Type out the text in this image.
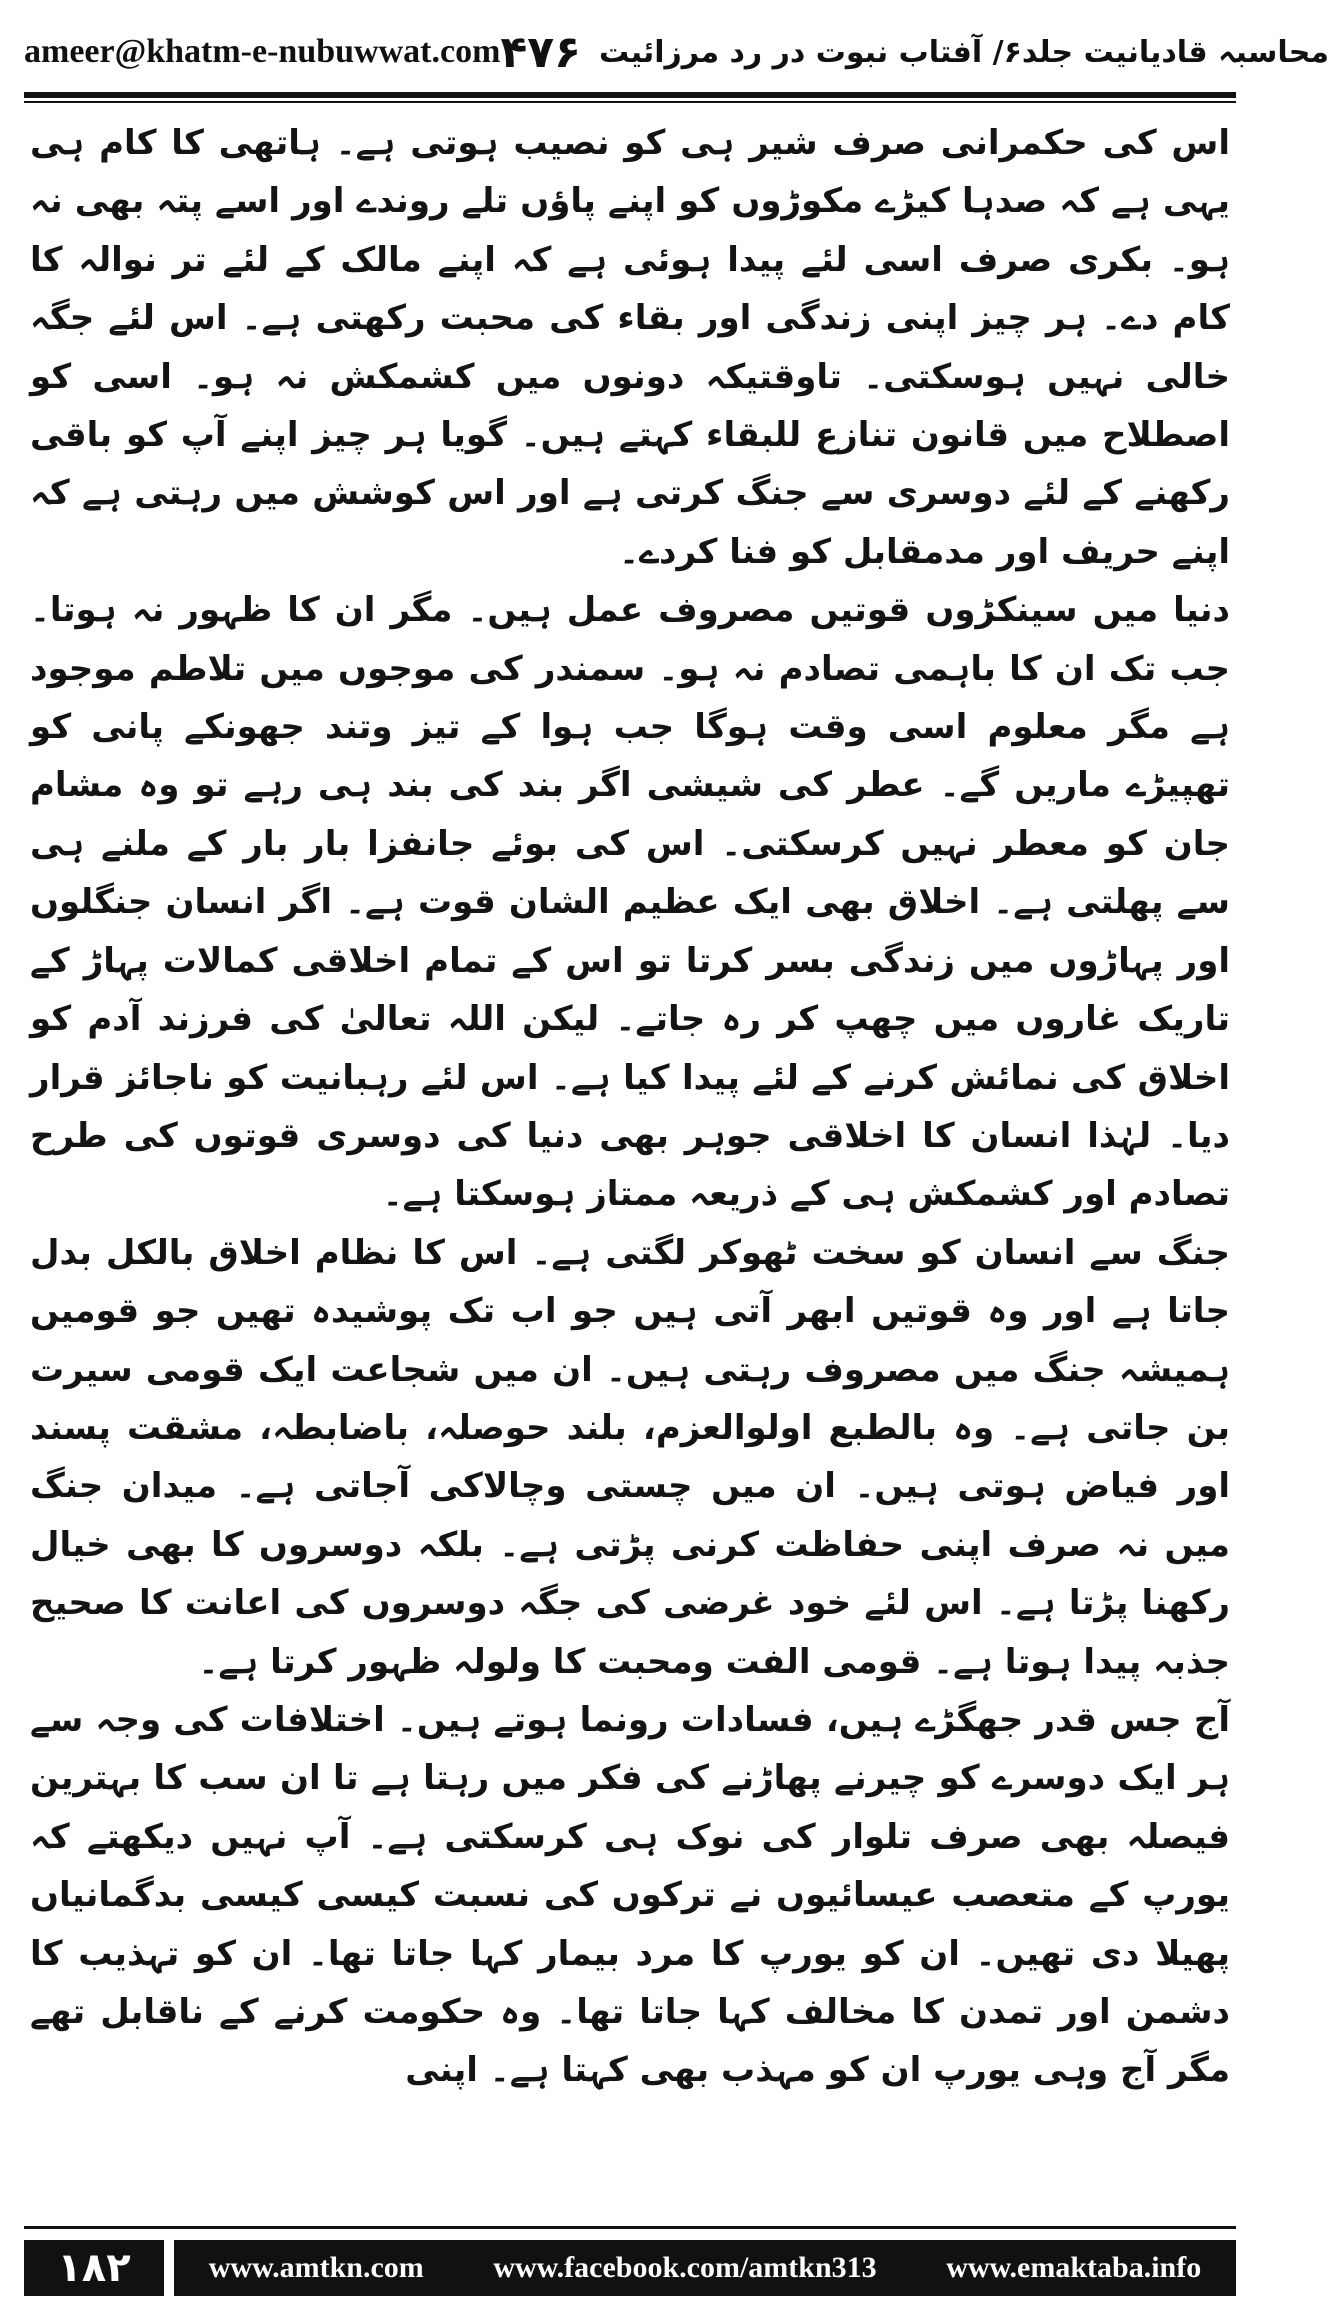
ameer@khatm-e-nubuwwat.com	محاسبہ قادیانیت جلد۶/ آفتاب نبوت در رد مرزائیت
۴۷۶

اس کی حکمرانی صرف شیر ہی کو نصیب ہوتی ہے۔ ہاتھی کا کام ہی یہی ہے کہ صدہا کیڑے مکوڑوں کو اپنے پاؤں تلے روندے اور اسے پتہ بھی نہ ہو۔ بکری صرف اسی لئے پیدا ہوئی ہے کہ اپنے مالک کے لئے تر نوالہ کا کام دے۔ ہر چیز اپنی زندگی اور بقاء کی محبت رکھتی ہے۔ اس لئے جگہ خالی نہیں ہوسکتی۔ تاوقتیکہ دونوں میں کشمکش نہ ہو۔ اسی کو اصطلاح میں قانون تنازع للبقاء کہتے ہیں۔ گویا ہر چیز اپنے آپ کو باقی رکھنے کے لئے دوسری سے جنگ کرتی ہے اور اس کوشش میں رہتی ہے کہ اپنے حریف اور مدمقابل کو فنا کردے۔

دنیا میں سینکڑوں قوتیں مصروف عمل ہیں۔ مگر ان کا ظہور نہ ہوتا۔ جب تک ان کا باہمی تصادم نہ ہو۔ سمندر کی موجوں میں تلاطم موجود ہے مگر معلوم اسی وقت ہوگا جب ہوا کے تیز وتند جھونکے پانی کو تھپیڑے ماریں گے۔ عطر کی شیشی اگر بند کی بند ہی رہے تو وہ مشام جان کو معطر نہیں کرسکتی۔ اس کی بوئے جانفزا بار بار کے ملنے ہی سے پھلتی ہے۔ اخلاق بھی ایک عظیم الشان قوت ہے۔ اگر انسان جنگلوں اور پہاڑوں میں زندگی بسر کرتا تو اس کے تمام اخلاقی کمالات پہاڑ کے تاریک غاروں میں چھپ کر رہ جاتے۔ لیکن اللہ تعالیٰ کی فرزند آدم کو اخلاق کی نمائش کرنے کے لئے پیدا کیا ہے۔ اس لئے رہبانیت کو ناجائز قرار دیا۔ لہٰذا انسان کا اخلاقی جوہر بھی دنیا کی دوسری قوتوں کی طرح تصادم اور کشمکش ہی کے ذریعہ ممتاز ہوسکتا ہے۔

جنگ سے انسان کو سخت ٹھوکر لگتی ہے۔ اس کا نظام اخلاق بالکل بدل جاتا ہے اور وہ قوتیں ابھر آتی ہیں جو اب تک پوشیدہ تھیں جو قومیں ہمیشہ جنگ میں مصروف رہتی ہیں۔ ان میں شجاعت ایک قومی سیرت بن جاتی ہے۔ وہ بالطبع اولوالعزم، بلند حوصلہ، باضابطہ، مشقت پسند اور فیاض ہوتی ہیں۔ ان میں چستی وچالاکی آجاتی ہے۔ میدان جنگ میں نہ صرف اپنی حفاظت کرنی پڑتی ہے۔ بلکہ دوسروں کا بھی خیال رکھنا پڑتا ہے۔ اس لئے خود غرضی کی جگہ دوسروں کی اعانت کا صحیح جذبہ پیدا ہوتا ہے۔ قومی الفت ومحبت کا ولولہ ظہور کرتا ہے۔

آج جس قدر جھگڑے ہیں، فسادات رونما ہوتے ہیں۔ اختلافات کی وجہ سے ہر ایک دوسرے کو چیرنے پھاڑنے کی فکر میں رہتا ہے تا ان سب کا بہترین فیصلہ بھی صرف تلوار کی نوک ہی کرسکتی ہے۔ آپ نہیں دیکھتے کہ یورپ کے متعصب عیسائیوں نے ترکوں کی نسبت کیسی کیسی بدگمانیاں پھیلا دی تھیں۔ ان کو یورپ کا مرد بیمار کہا جاتا تھا۔ ان کو تہذیب کا دشمن اور تمدن کا مخالف کہا جاتا تھا۔ وہ حکومت کرنے کے ناقابل تھے مگر آج وہی یورپ ان کو مہذب بھی کہتا ہے۔ اپنی

۱۸۲	www.amtkn.com www.facebook.com/amtkn313 www.emaktaba.info
